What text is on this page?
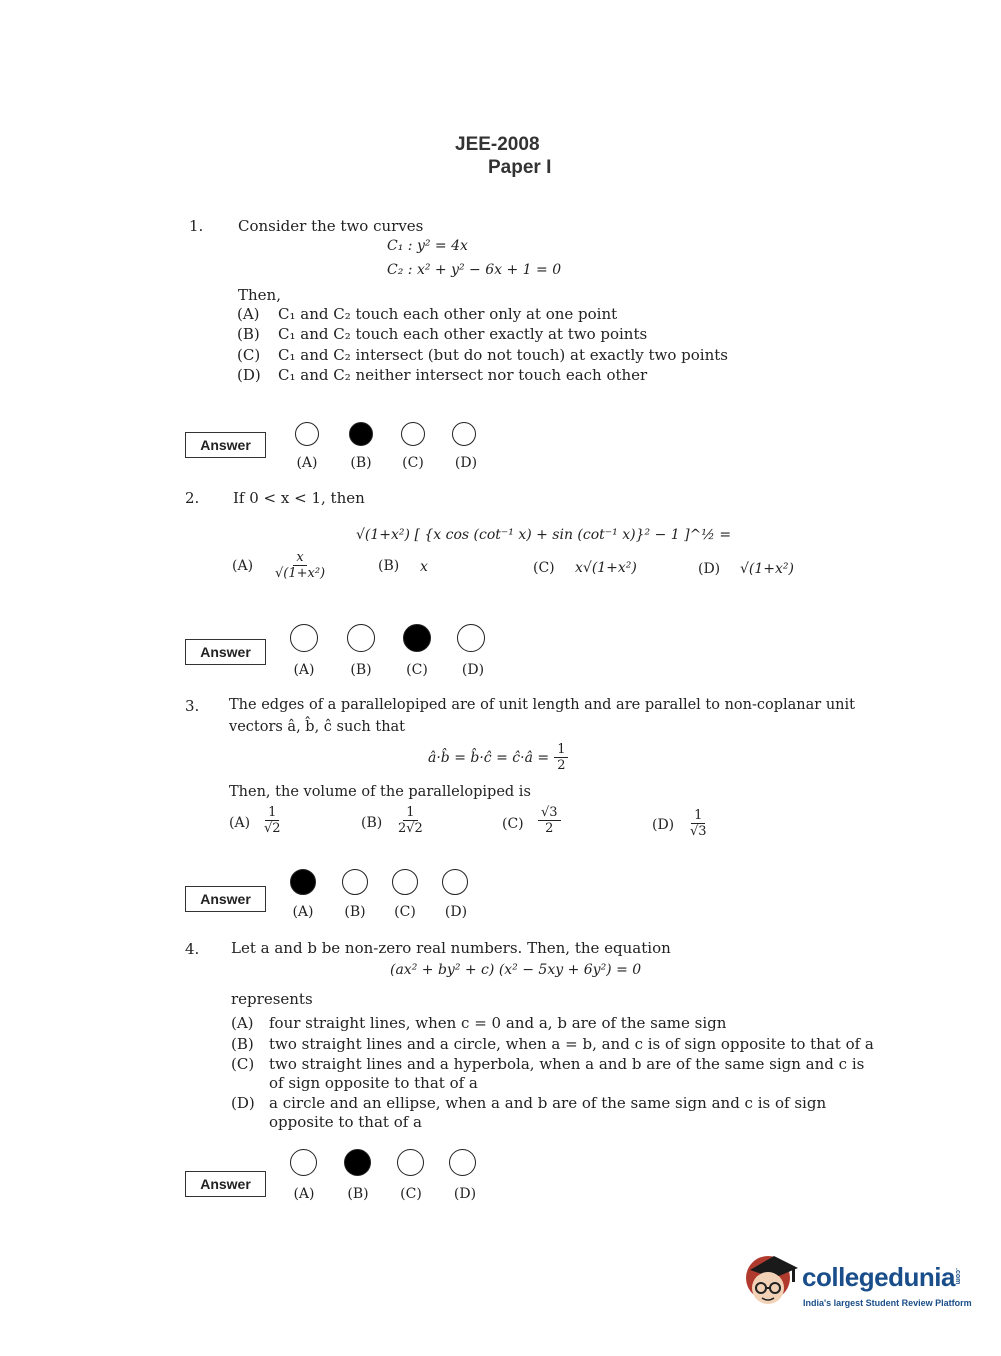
JEE-2008
Paper I
1. Consider the two curves
C₁ : y² = 4x
C₂ : x² + y² − 6x + 1 = 0
Then,
(A) C₁ and C₂ touch each other only at one point
(B) C₁ and C₂ touch each other exactly at two points
(C) C₁ and C₂ intersect (but do not touch) at exactly two points
(D) C₁ and C₂ neither intersect nor touch each other
Answer
(A)	(B)	(C) (D)
2. If 0 < x < 1, then
√(1+x²) [ {x cos (cot⁻¹ x) + sin (cot⁻¹ x)}² − 1 ]^½ =
$(A) \frac{x}{\text{√(1+x²)}}$	(B) x	(C) x√(1+x²)	(D) √(1+x²)
Answer
(A)	(B)	(C) (D)
3. The edges of a parallelopiped are of unit length and are parallel to non-coplanar unit
vectors â, b̂, ĉ such that
â·b̂ = b̂·ĉ = ĉ·â = $\frac{1}{2}$
Then, the volume of the parallelopiped is
$(A) \frac{1}{√2}$	$(B) \frac{1}{2√2}$	$(C) \frac{√3}{2}$	$(D) \frac{1}{√3}$
Answer
(A)	(B)	(C) (D)
4. Let a and b be non-zero real numbers. Then, the equation
(ax² + by² + c) (x² − 5xy + 6y²) = 0
represents
(A) four straight lines, when c = 0 and a, b are of the same sign
(B) two straight lines and a circle, when a = b, and c is of sign opposite to that of a
(C) two straight lines and a hyperbola, when a and b are of the same sign and c is
of sign opposite to that of a
(D) a circle and an ellipse, when a and b are of the same sign and c is of sign
opposite to that of a
Answer
(A)	(B)	(C) (D)
collegedunia .com
India's largest Student Review Platform
